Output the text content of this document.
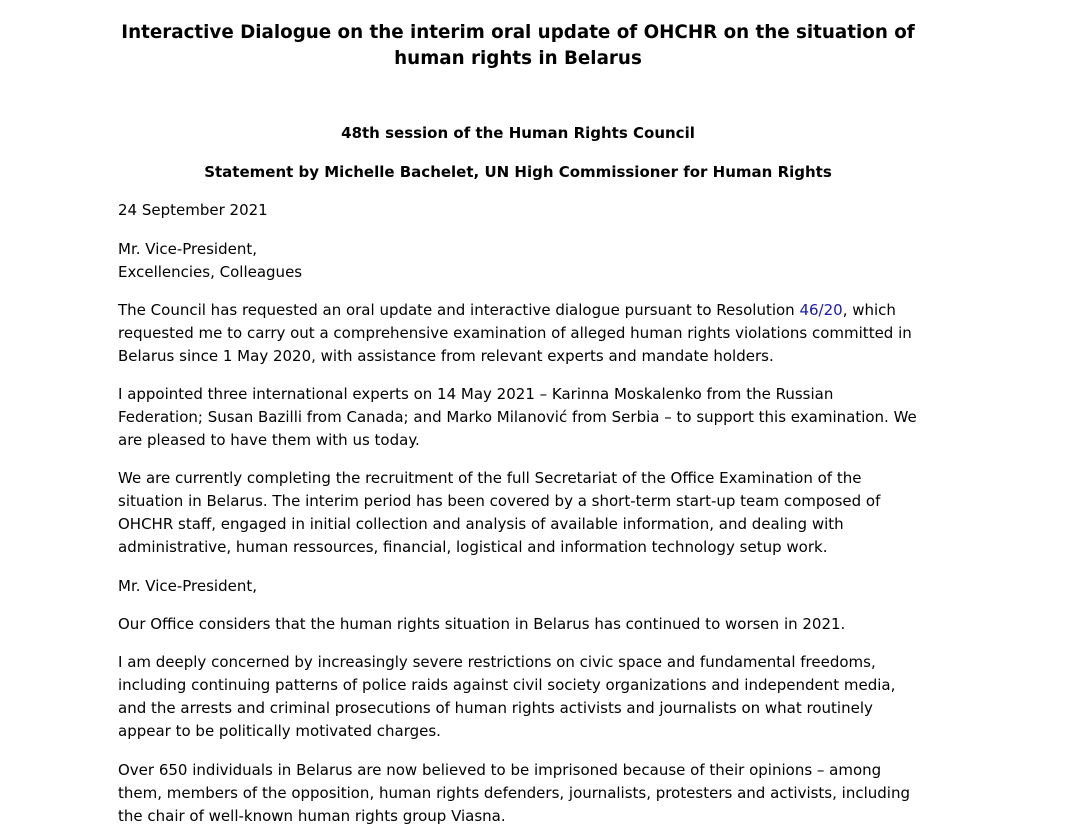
Interactive Dialogue on the interim oral update of OHCHR on the situation of human rights in Belarus

48th session of the Human Rights Council

Statement by Michelle Bachelet, UN High Commissioner for Human Rights

24 September 2021

Mr. Vice-President,
Excellencies, Colleagues

The Council has requested an oral update and interactive dialogue pursuant to Resolution 46/20, which requested me to carry out a comprehensive examination of alleged human rights violations committed in Belarus since 1 May 2020, with assistance from relevant experts and mandate holders.

I appointed three international experts on 14 May 2021 – Karinna Moskalenko from the Russian Federation; Susan Bazilli from Canada; and Marko Milanović from Serbia – to support this examination. We are pleased to have them with us today.

We are currently completing the recruitment of the full Secretariat of the Office Examination of the situation in Belarus. The interim period has been covered by a short-term start-up team composed of OHCHR staff, engaged in initial collection and analysis of available information, and dealing with administrative, human ressources, financial, logistical and information technology setup work.

Mr. Vice-President,

Our Office considers that the human rights situation in Belarus has continued to worsen in 2021.

I am deeply concerned by increasingly severe restrictions on civic space and fundamental freedoms, including continuing patterns of police raids against civil society organizations and independent media, and the arrests and criminal prosecutions of human rights activists and journalists on what routinely appear to be politically motivated charges.

Over 650 individuals in Belarus are now believed to be imprisoned because of their opinions – among them, members of the opposition, human rights defenders, journalists, protesters and activists, including the chair of well-known human rights group Viasna.
